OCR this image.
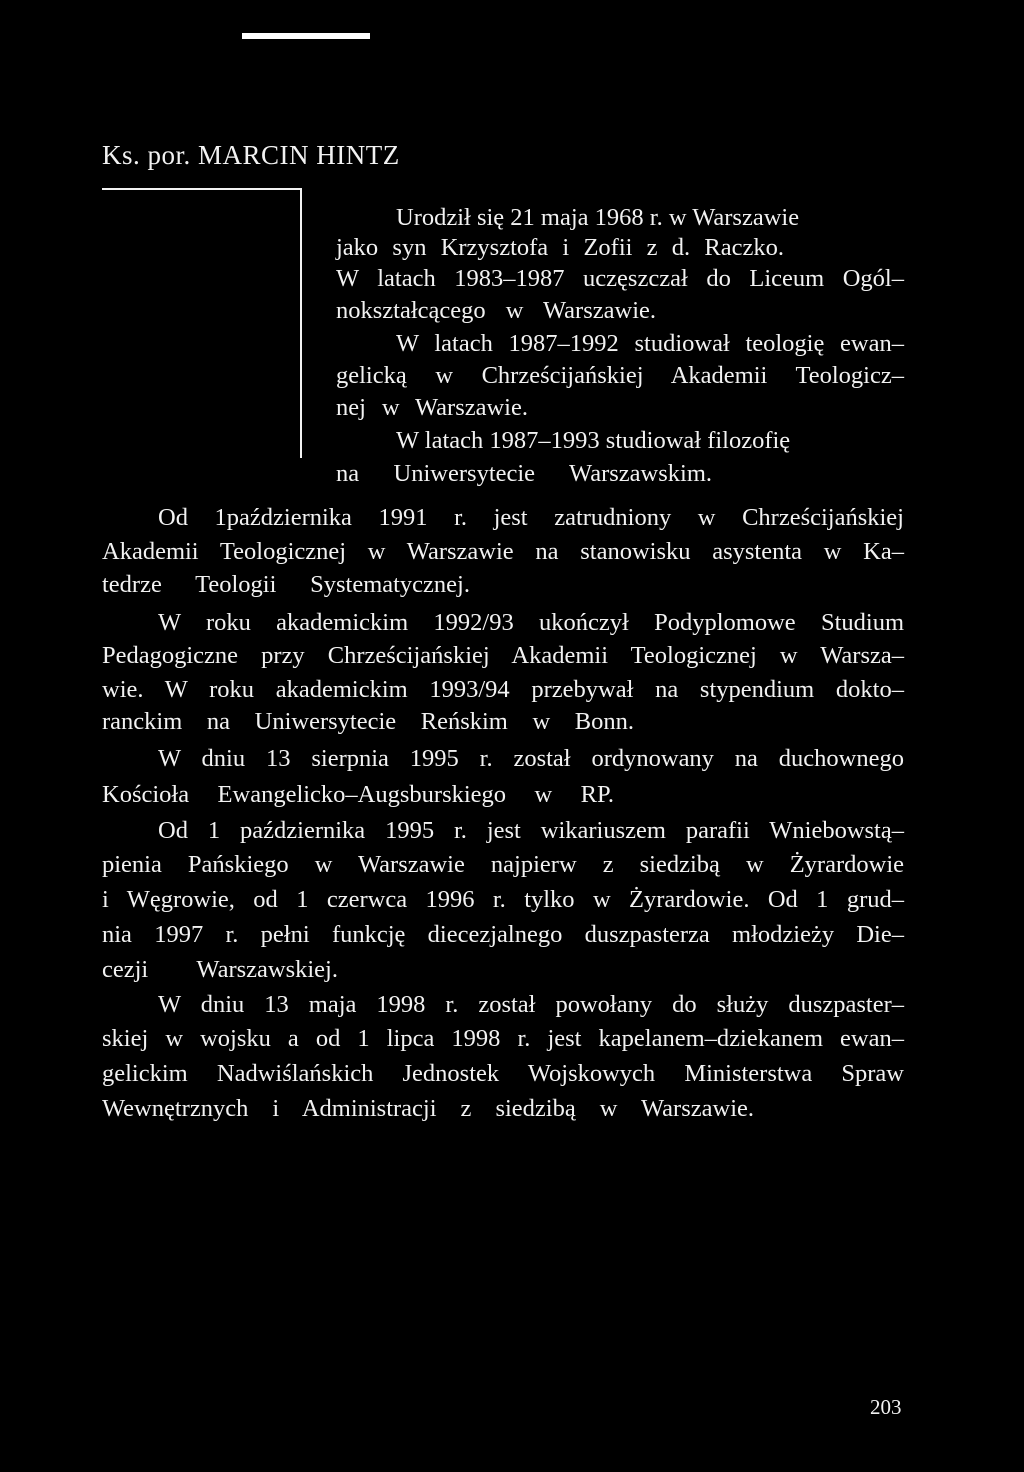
Ks. por. MARCIN HINTZ
Urodził się 21 maja 1968 r. w Warszawie
jako syn Krzysztofa i Zofii z d. Raczko.
W latach 1983–1987 uczęszczał do Liceum Ogól–
nokształcącego w Warszawie.
W latach 1987–1992 studiował teologię ewan–
gelicką w Chrześcijańskiej Akademii Teologicz–
nej w Warszawie.
W latach 1987–1993 studiował filozofię
na Uniwersytecie Warszawskim.
Od 1października 1991 r. jest zatrudniony w Chrześcijańskiej
Akademii Teologicznej w Warszawie na stanowisku asystenta w Ka–
tedrze Teologii Systematycznej.
W roku akademickim 1992/93 ukończył Podyplomowe Studium
Pedagogiczne przy Chrześcijańskiej Akademii Teologicznej w Warsza–
wie. W roku akademickim 1993/94 przebywał na stypendium dokto–
ranckim na Uniwersytecie Reńskim w Bonn.
W dniu 13 sierpnia 1995 r. został ordynowany na duchownego
Kościoła Ewangelicko–Augsburskiego w RP.
Od 1 października 1995 r. jest wikariuszem parafii Wniebowstą–
pienia Pańskiego w Warszawie najpierw z siedzibą w Żyrardowie
i Węgrowie, od 1 czerwca 1996 r. tylko w Żyrardowie. Od 1 grud–
nia 1997 r. pełni funkcję diecezjalnego duszpasterza młodzieży Die–
cezji Warszawskiej.
W dniu 13 maja 1998 r. został powołany do służy duszpaster–
skiej w wojsku a od 1 lipca 1998 r. jest kapelanem–dziekanem ewan–
gelickim Nadwiślańskich Jednostek Wojskowych Ministerstwa Spraw
Wewnętrznych i Administracji z siedzibą w Warszawie.
203
